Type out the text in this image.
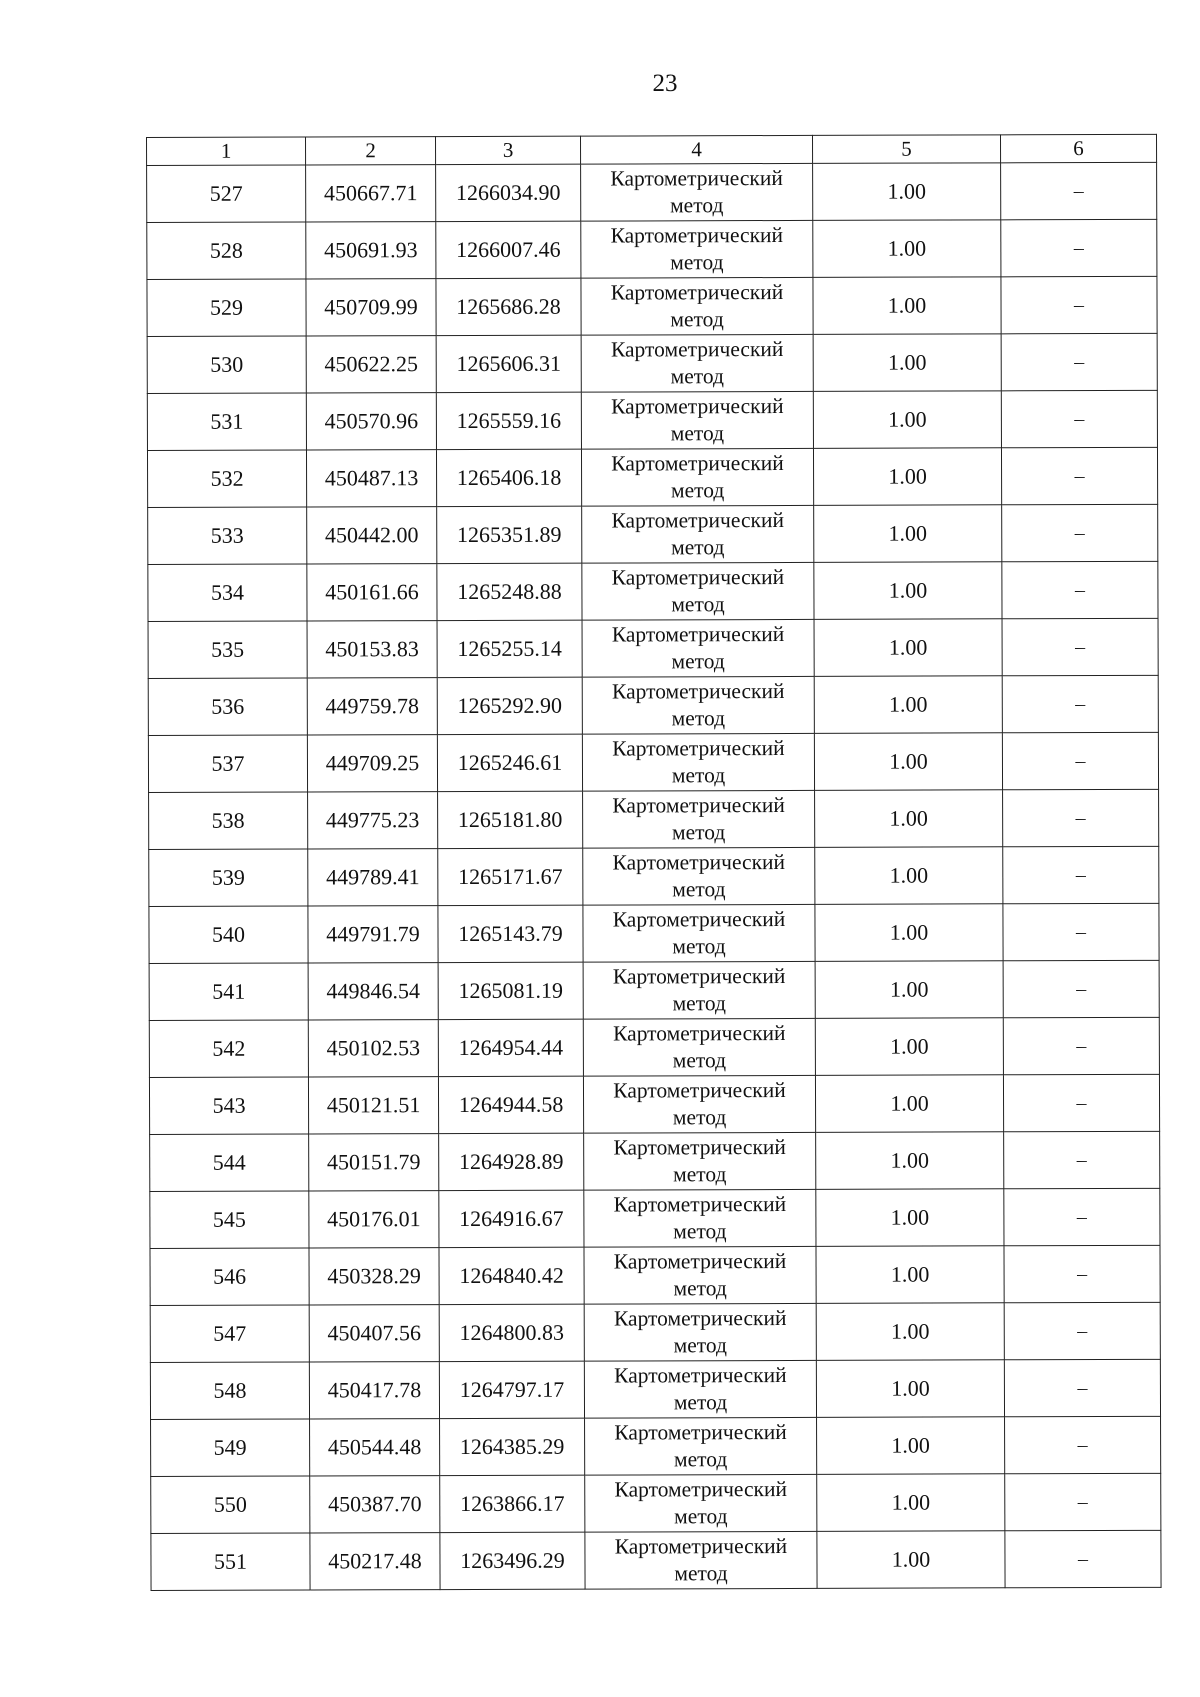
23
1	2	3	4	5	6
527	450667.71	1266034.90	Картометрический метод	1.00	–
528	450691.93	1266007.46	Картометрический метод	1.00	–
529	450709.99	1265686.28	Картометрический метод	1.00	–
530	450622.25	1265606.31	Картометрический метод	1.00	–
531	450570.96	1265559.16	Картометрический метод	1.00	–
532	450487.13	1265406.18	Картометрический метод	1.00	–
533	450442.00	1265351.89	Картометрический метод	1.00	–
534	450161.66	1265248.88	Картометрический метод	1.00	–
535	450153.83	1265255.14	Картометрический метод	1.00	–
536	449759.78	1265292.90	Картометрический метод	1.00	–
537	449709.25	1265246.61	Картометрический метод	1.00	–
538	449775.23	1265181.80	Картометрический метод	1.00	–
539	449789.41	1265171.67	Картометрический метод	1.00	–
540	449791.79	1265143.79	Картометрический метод	1.00	–
541	449846.54	1265081.19	Картометрический метод	1.00	–
542	450102.53	1264954.44	Картометрический метод	1.00	–
543	450121.51	1264944.58	Картометрический метод	1.00	–
544	450151.79	1264928.89	Картометрический метод	1.00	–
545	450176.01	1264916.67	Картометрический метод	1.00	–
546	450328.29	1264840.42	Картометрический метод	1.00	–
547	450407.56	1264800.83	Картометрический метод	1.00	–
548	450417.78	1264797.17	Картометрический метод	1.00	–
549	450544.48	1264385.29	Картометрический метод	1.00	–
550	450387.70	1263866.17	Картометрический метод	1.00	–
551	450217.48	1263496.29	Картометрический метод	1.00	–
